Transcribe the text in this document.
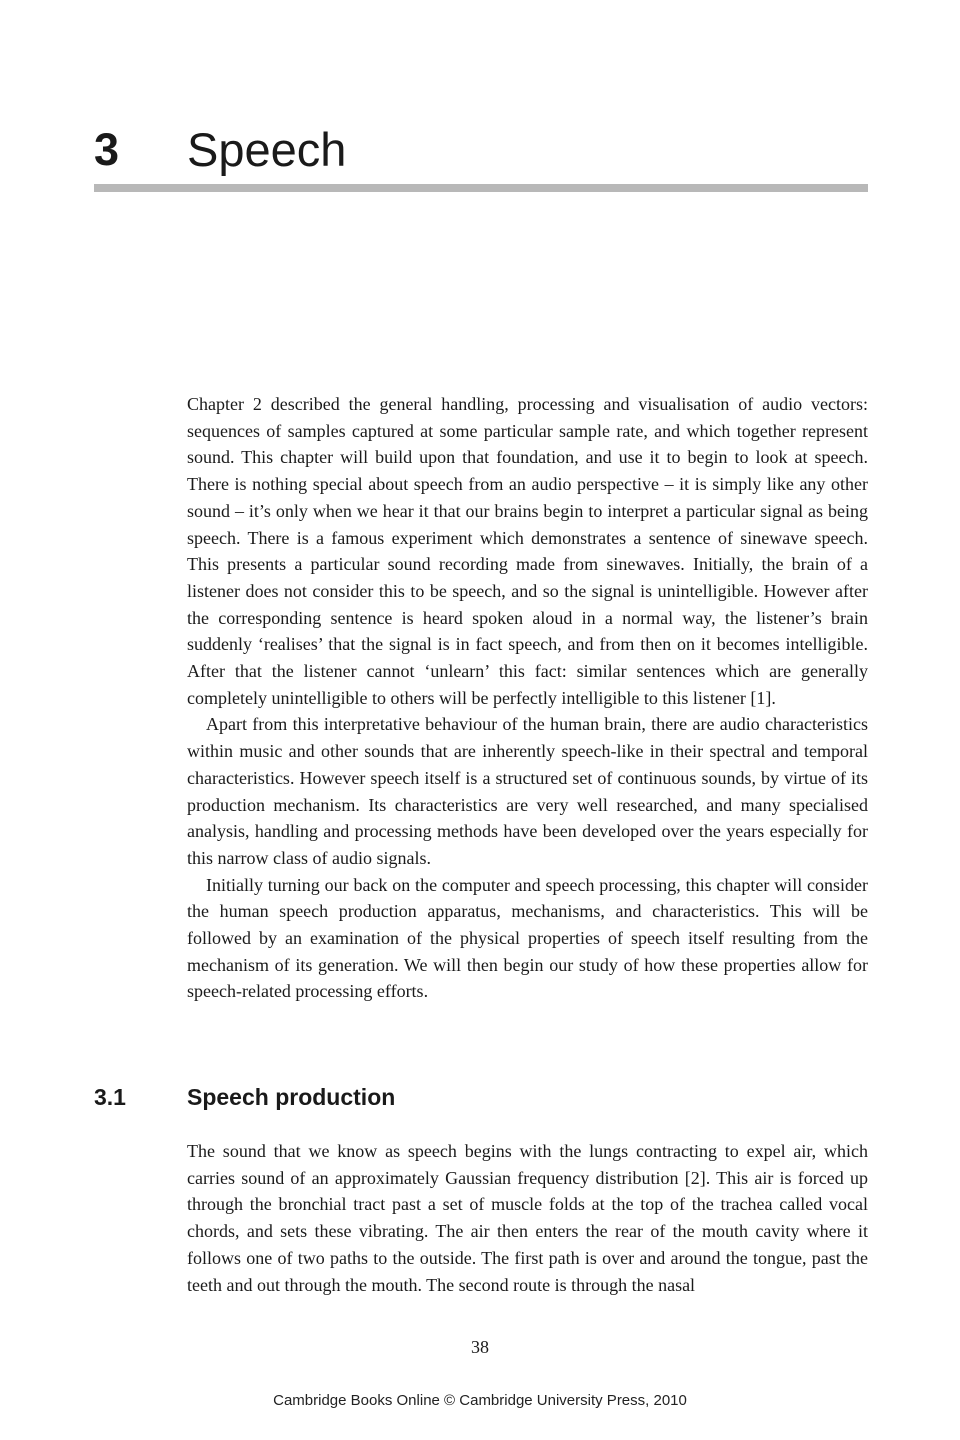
3 Speech

Chapter 2 described the general handling, processing and visualisation of audio vectors: sequences of samples captured at some particular sample rate, and which together represent sound. This chapter will build upon that foundation, and use it to begin to look at speech. There is nothing special about speech from an audio perspective – it is simply like any other sound – it’s only when we hear it that our brains begin to interpret a particular signal as being speech. There is a famous experiment which demonstrates a sentence of sinewave speech. This presents a particular sound recording made from sinewaves. Initially, the brain of a listener does not consider this to be speech, and so the signal is unintelligible. However after the corresponding sentence is heard spoken aloud in a normal way, the listener’s brain suddenly ‘realises’ that the signal is in fact speech, and from then on it becomes intelligible. After that the listener cannot ‘unlearn’ this fact: similar sentences which are generally completely unintelligible to others will be perfectly intelligible to this listener [1].

Apart from this interpretative behaviour of the human brain, there are audio characteristics within music and other sounds that are inherently speech-like in their spectral and temporal characteristics. However speech itself is a structured set of continuous sounds, by virtue of its production mechanism. Its characteristics are very well researched, and many specialised analysis, handling and processing methods have been developed over the years especially for this narrow class of audio signals.

Initially turning our back on the computer and speech processing, this chapter will consider the human speech production apparatus, mechanisms, and characteristics. This will be followed by an examination of the physical properties of speech itself resulting from the mechanism of its generation. We will then begin our study of how these properties allow for speech-related processing efforts.

3.1	Speech production

The sound that we know as speech begins with the lungs contracting to expel air, which carries sound of an approximately Gaussian frequency distribution [2]. This air is forced up through the bronchial tract past a set of muscle folds at the top of the trachea called vocal chords, and sets these vibrating. The air then enters the rear of the mouth cavity where it follows one of two paths to the outside. The first path is over and around the tongue, past the teeth and out through the mouth. The second route is through the nasal

38
Cambridge Books Online © Cambridge University Press, 2010
